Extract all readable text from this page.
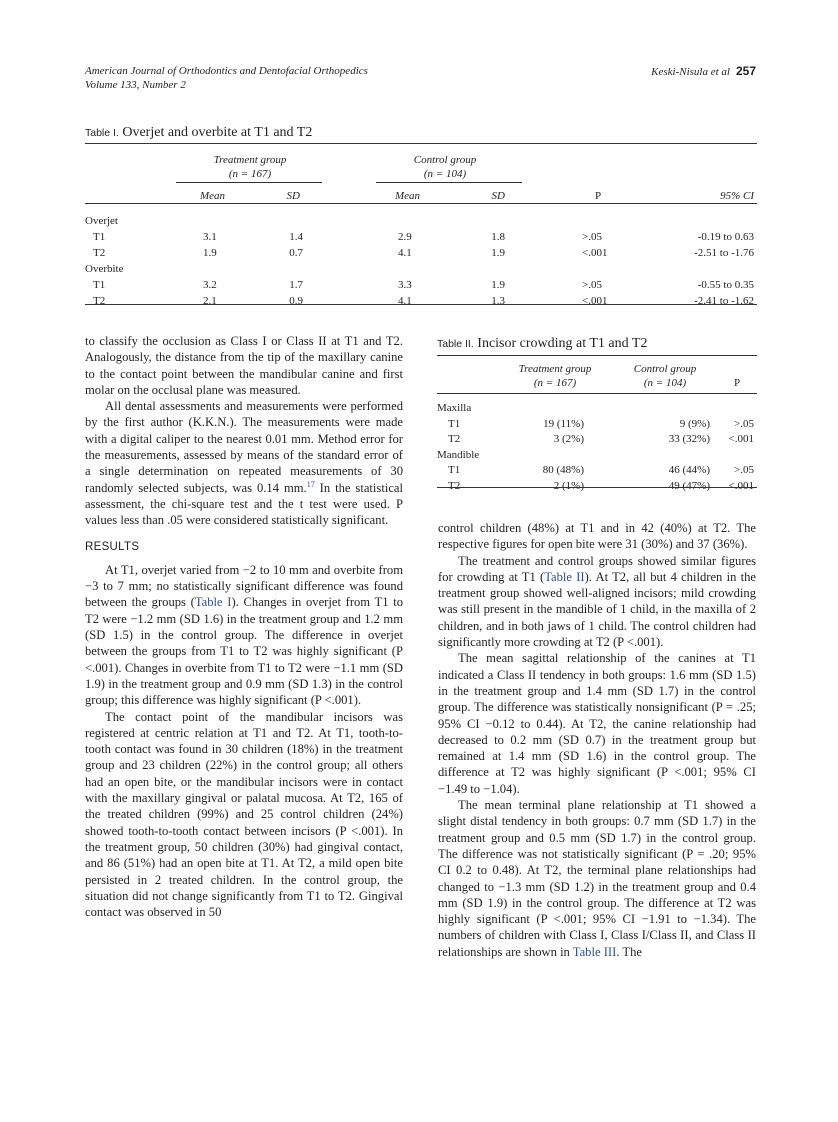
American Journal of Orthodontics and Dentofacial Orthopedics
Volume 133, Number 2
Keski-Nisula et al 257
Table I. Overjet and overbite at T1 and T2
Treatment group
(n = 167)
Control group
(n = 104)
Mean	SD	Mean	SD	P	95% CI
Overjet
T1	3.1	1.4	2.9	1.8	>.05	-0.19 to 0.63
T2	1.9	0.7	4.1	1.9	<.001	-2.51 to -1.76
Overbite
T1	3.2	1.7	3.3	1.9	>.05	-0.55 to 0.35
T2	2.1	0.9	4.1	1.3	<.001	-2.41 to -1.62
Table II. Incisor crowding at T1 and T2
Treatment group
(n = 167)
Control group
(n = 104)	P
Maxilla
T1	19 (11%)	9 (9%)	>.05
T2	3 (2%)	33 (32%)	<.001
Mandible
T1	80 (48%)	46 (44%)	>.05
T2	2 (1%)	49 (47%)	<.001

to classify the occlusion as Class I or Class II at T1 and T2. Analogously, the distance from the tip of the maxillary canine to the contact point between the mandibular canine and first molar on the occlusal plane was measured.

All dental assessments and measurements were performed by the first author (K.K.N.). The measurements were made with a digital caliper to the nearest 0.01 mm. Method error for the measurements, assessed by means of the standard error of a single determination on repeated measurements of 30 randomly selected subjects, was 0.14 mm.$^{17}$ In the statistical assessment, the chi-square test and the t test were used. P values less than .05 were considered statistically significant.

RESULTS

At T1, overjet varied from −2 to 10 mm and overbite from −3 to 7 mm; no statistically significant difference was found between the groups (Table I). Changes in overjet from T1 to T2 were −1.2 mm (SD 1.6) in the treatment group and 1.2 mm (SD 1.5) in the control group. The difference in overjet between the groups from T1 to T2 was highly significant (P <.001). Changes in overbite from T1 to T2 were −1.1 mm (SD 1.9) in the treatment group and 0.9 mm (SD 1.3) in the control group; this difference was highly significant (P <.001).

The contact point of the mandibular incisors was registered at centric relation at T1 and T2. At T1, tooth-to-tooth contact was found in 30 children (18%) in the treatment group and 23 children (22%) in the control group; all others had an open bite, or the mandibular incisors were in contact with the maxillary gingival or palatal mucosa. At T2, 165 of the treated children (99%) and 25 control children (24%) showed tooth-to-tooth contact between incisors (P <.001). In the treatment group, 50 children (30%) had gingival contact, and 86 (51%) had an open bite at T1. At T2, a mild open bite persisted in 2 treated children. In the control group, the situation did not change significantly from T1 to T2. Gingival contact was observed in 50

control children (48%) at T1 and in 42 (40%) at T2. The respective figures for open bite were 31 (30%) and 37 (36%).

The treatment and control groups showed similar figures for crowding at T1 (Table II). At T2, all but 4 children in the treatment group showed well-aligned incisors; mild crowding was still present in the mandible of 1 child, in the maxilla of 2 children, and in both jaws of 1 child. The control children had significantly more crowding at T2 (P <.001).

The mean sagittal relationship of the canines at T1 indicated a Class II tendency in both groups: 1.6 mm (SD 1.5) in the treatment group and 1.4 mm (SD 1.7) in the control group. The difference was statistically nonsignificant (P = .25; 95% CI −0.12 to 0.44). At T2, the canine relationship had decreased to 0.2 mm (SD 0.7) in the treatment group but remained at 1.4 mm (SD 1.6) in the control group. The difference at T2 was highly significant (P <.001; 95% CI −1.49 to −1.04).

The mean terminal plane relationship at T1 showed a slight distal tendency in both groups: 0.7 mm (SD 1.7) in the treatment group and 0.5 mm (SD 1.7) in the control group. The difference was not statistically significant (P = .20; 95% CI 0.2 to 0.48). At T2, the terminal plane relationships had changed to −1.3 mm (SD 1.2) in the treatment group and 0.4 mm (SD 1.9) in the control group. The difference at T2 was highly significant (P <.001; 95% CI −1.91 to −1.34). The numbers of children with Class I, Class I/Class II, and Class II relationships are shown in Table III. The
